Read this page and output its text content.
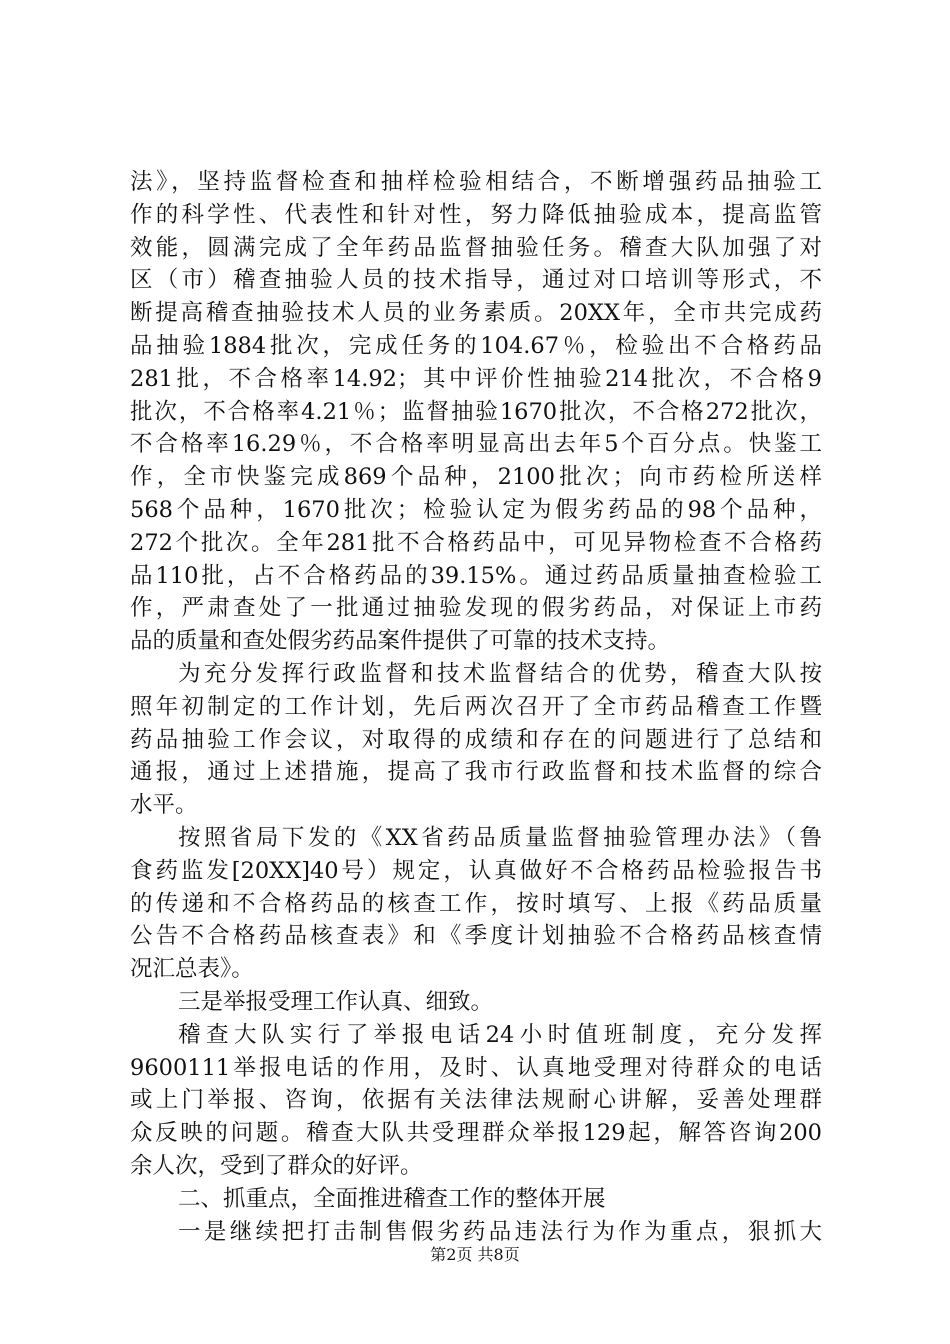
法》，坚持监督检查和抽样检验相结合，不断增强药品抽验工
作的科学性、代表性和针对性，努力降低抽验成本，提高监管
效能，圆满完成了全年药品监督抽验任务。稽查大队加强了对
区（市）稽查抽验人员的技术指导，通过对口培训等形式，不
断提高稽查抽验技术人员的业务素质。20XX年，全市共完成药
品抽验1884批次，完成任务的104.67％，检验出不合格药品
281批，不合格率14.92；其中评价性抽验214批次，不合格9
批次，不合格率4.21％；监督抽验1670批次，不合格272批次，
不合格率16.29％，不合格率明显高出去年5个百分点。快鉴工
作，全市快鉴完成869个品种，2100批次；向市药检所送样
568个品种，1670批次；检验认定为假劣药品的98个品种，
272个批次。全年281批不合格药品中，可见异物检查不合格药
品110批，占不合格药品的39.15%。通过药品质量抽查检验工
作，严肃查处了一批通过抽验发现的假劣药品，对保证上市药
品的质量和查处假劣药品案件提供了可靠的技术支持。
为充分发挥行政监督和技术监督结合的优势，稽查大队按
照年初制定的工作计划，先后两次召开了全市药品稽查工作暨
药品抽验工作会议，对取得的成绩和存在的问题进行了总结和
通报，通过上述措施，提高了我市行政监督和技术监督的综合
水平。
按照省局下发的《XX省药品质量监督抽验管理办法》（鲁
食药监发[20XX]40号）规定，认真做好不合格药品检验报告书
的传递和不合格药品的核查工作，按时填写、上报《药品质量
公告不合格药品核查表》和《季度计划抽验不合格药品核查情
况汇总表》。
三是举报受理工作认真、细致。
稽查大队实行了举报电话24小时值班制度，充分发挥
9600111举报电话的作用，及时、认真地受理对待群众的电话
或上门举报、咨询，依据有关法律法规耐心讲解，妥善处理群
众反映的问题。稽查大队共受理群众举报129起，解答咨询200
余人次，受到了群众的好评。
二、抓重点，全面推进稽查工作的整体开展
一是继续把打击制售假劣药品违法行为作为重点，狠抓大
第2页 共8页
